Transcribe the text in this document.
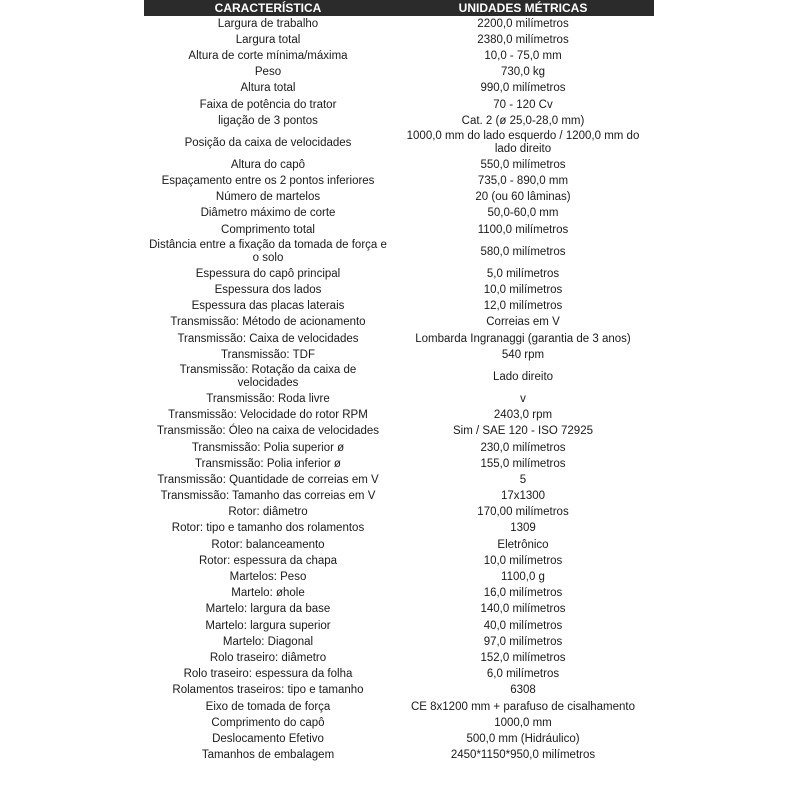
CARACTERÍSTICA	UNIDADES MÉTRICAS
Largura de trabalho	2200,0 milímetros
Largura total	2380,0 milímetros
Altura de corte mínima/máxima	10,0 - 75,0 mm
Peso	730,0 kg
Altura total	990,0 milímetros
Faixa de potência do trator	70 - 120 Cv
ligação de 3 pontos	Cat. 2 (ø 25,0-28,0 mm)
Posição da caixa de velocidades	1000,0 mm do lado esquerdo / 1200,0 mm do lado direito
Altura do capô	550,0 milímetros
Espaçamento entre os 2 pontos inferiores	735,0 - 890,0 mm
Número de martelos	20 (ou 60 lâminas)
Diâmetro máximo de corte	50,0-60,0 mm
Comprimento total	1100,0 milímetros
Distância entre a fixação da tomada de força e o solo	580,0 milímetros
Espessura do capô principal	5,0 milímetros
Espessura dos lados	10,0 milímetros
Espessura das placas laterais	12,0 milímetros
Transmissão: Método de acionamento	Correias em V
Transmissão: Caixa de velocidades	Lombarda Ingranaggi (garantia de 3 anos)
Transmissão: TDF	540 rpm
Transmissão: Rotação da caixa de velocidades	Lado direito
Transmissão: Roda livre	v
Transmissão: Velocidade do rotor RPM	2403,0 rpm
Transmissão: Óleo na caixa de velocidades	Sim / SAE 120 - ISO 72925
Transmissão: Polia superior ø	230,0 milímetros
Transmissão: Polia inferior ø	155,0 milímetros
Transmissão: Quantidade de correias em V	5
Transmissão: Tamanho das correias em V	17x1300
Rotor: diâmetro	170,00 milímetros
Rotor: tipo e tamanho dos rolamentos	1309
Rotor: balanceamento	Eletrônico
Rotor: espessura da chapa	10,0 milímetros
Martelos: Peso	1100,0 g
Martelo: øhole	16,0 milímetros
Martelo: largura da base	140,0 milímetros
Martelo: largura superior	40,0 milímetros
Martelo: Diagonal	97,0 milímetros
Rolo traseiro: diâmetro	152,0 milímetros
Rolo traseiro: espessura da folha	6,0 milímetros
Rolamentos traseiros: tipo e tamanho	6308
Eixo de tomada de força	CE 8x1200 mm + parafuso de cisalhamento
Comprimento do capô	1000,0 mm
Deslocamento Efetivo	500,0 mm (Hidráulico)
Tamanhos de embalagem	2450*1150*950,0 milímetros
